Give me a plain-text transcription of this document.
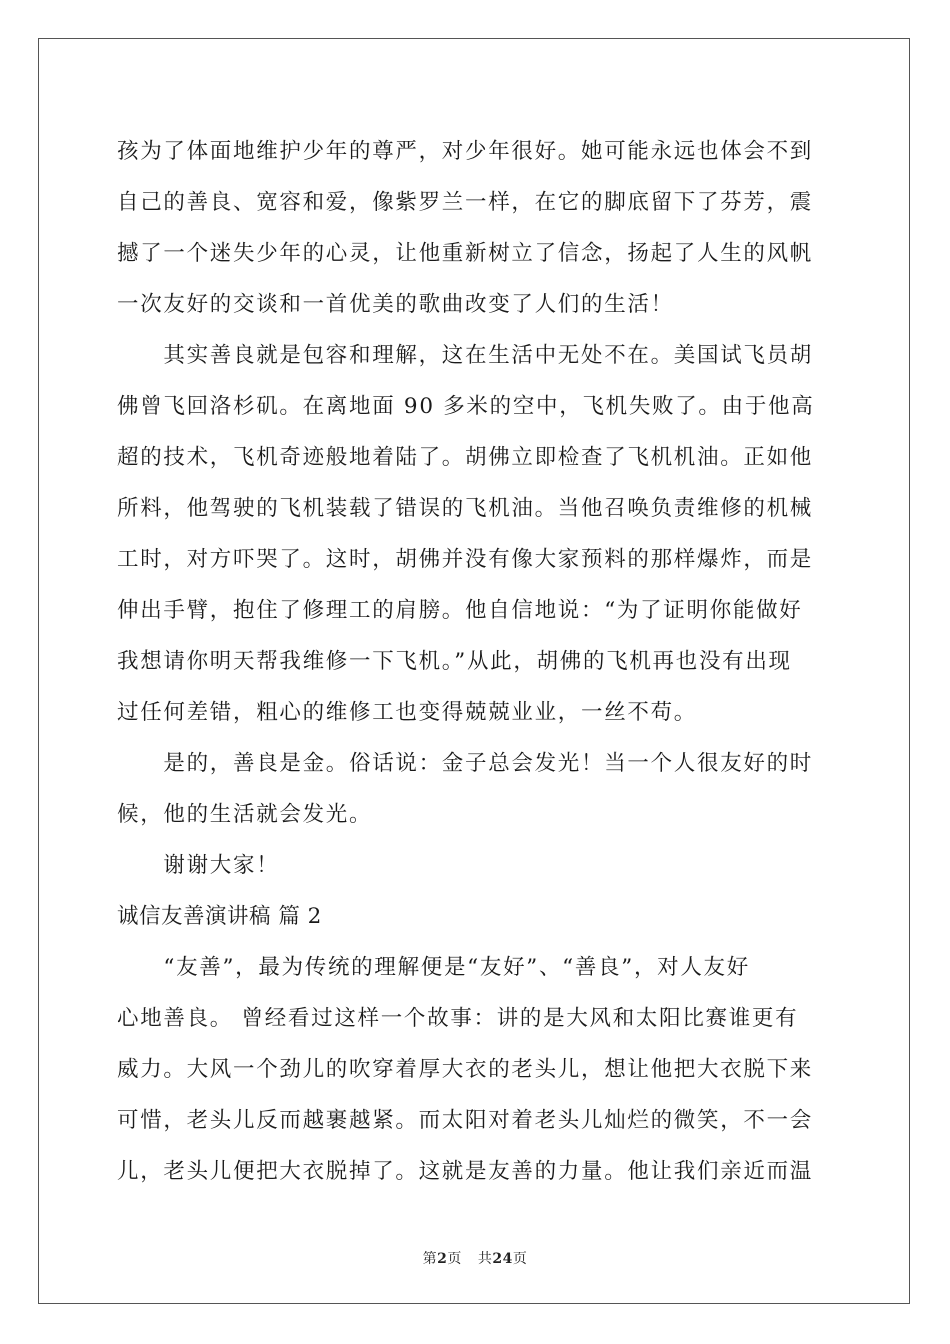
孩为了体面地维护少年的尊严，对少年很好。她可能永远也体会不到
自己的善良、宽容和爱，像紫罗兰一样，在它的脚底留下了芬芳，震
撼了一个迷失少年的心灵，让他重新树立了信念，扬起了人生的风帆
一次友好的交谈和一首优美的歌曲改变了人们的生活！
　　其实善良就是包容和理解，这在生活中无处不在。美国试飞员胡
佛曾飞回洛杉矶。在离地面 90 多米的空中，飞机失败了。由于他高
超的技术，飞机奇迹般地着陆了。胡佛立即检查了飞机机油。正如他
所料，他驾驶的飞机装载了错误的飞机油。当他召唤负责维修的机械
工时，对方吓哭了。这时，胡佛并没有像大家预料的那样爆炸，而是
伸出手臂，抱住了修理工的肩膀。他自信地说：“为了证明你能做好
我想请你明天帮我维修一下飞机。”从此，胡佛的飞机再也没有出现
过任何差错，粗心的维修工也变得兢兢业业，一丝不苟。
　　是的，善良是金。俗话说：金子总会发光！当一个人很友好的时
候，他的生活就会发光。
　　谢谢大家！
诚信友善演讲稿 篇 2
　　“友善”，最为传统的理解便是“友好”、“善良”，对人友好
心地善良。 曾经看过这样一个故事：讲的是大风和太阳比赛谁更有
威力。大风一个劲儿的吹穿着厚大衣的老头儿，想让他把大衣脱下来
可惜，老头儿反而越裹越紧。而太阳对着老头儿灿烂的微笑，不一会
儿，老头儿便把大衣脱掉了。这就是友善的力量。他让我们亲近而温
第2页 共24页
